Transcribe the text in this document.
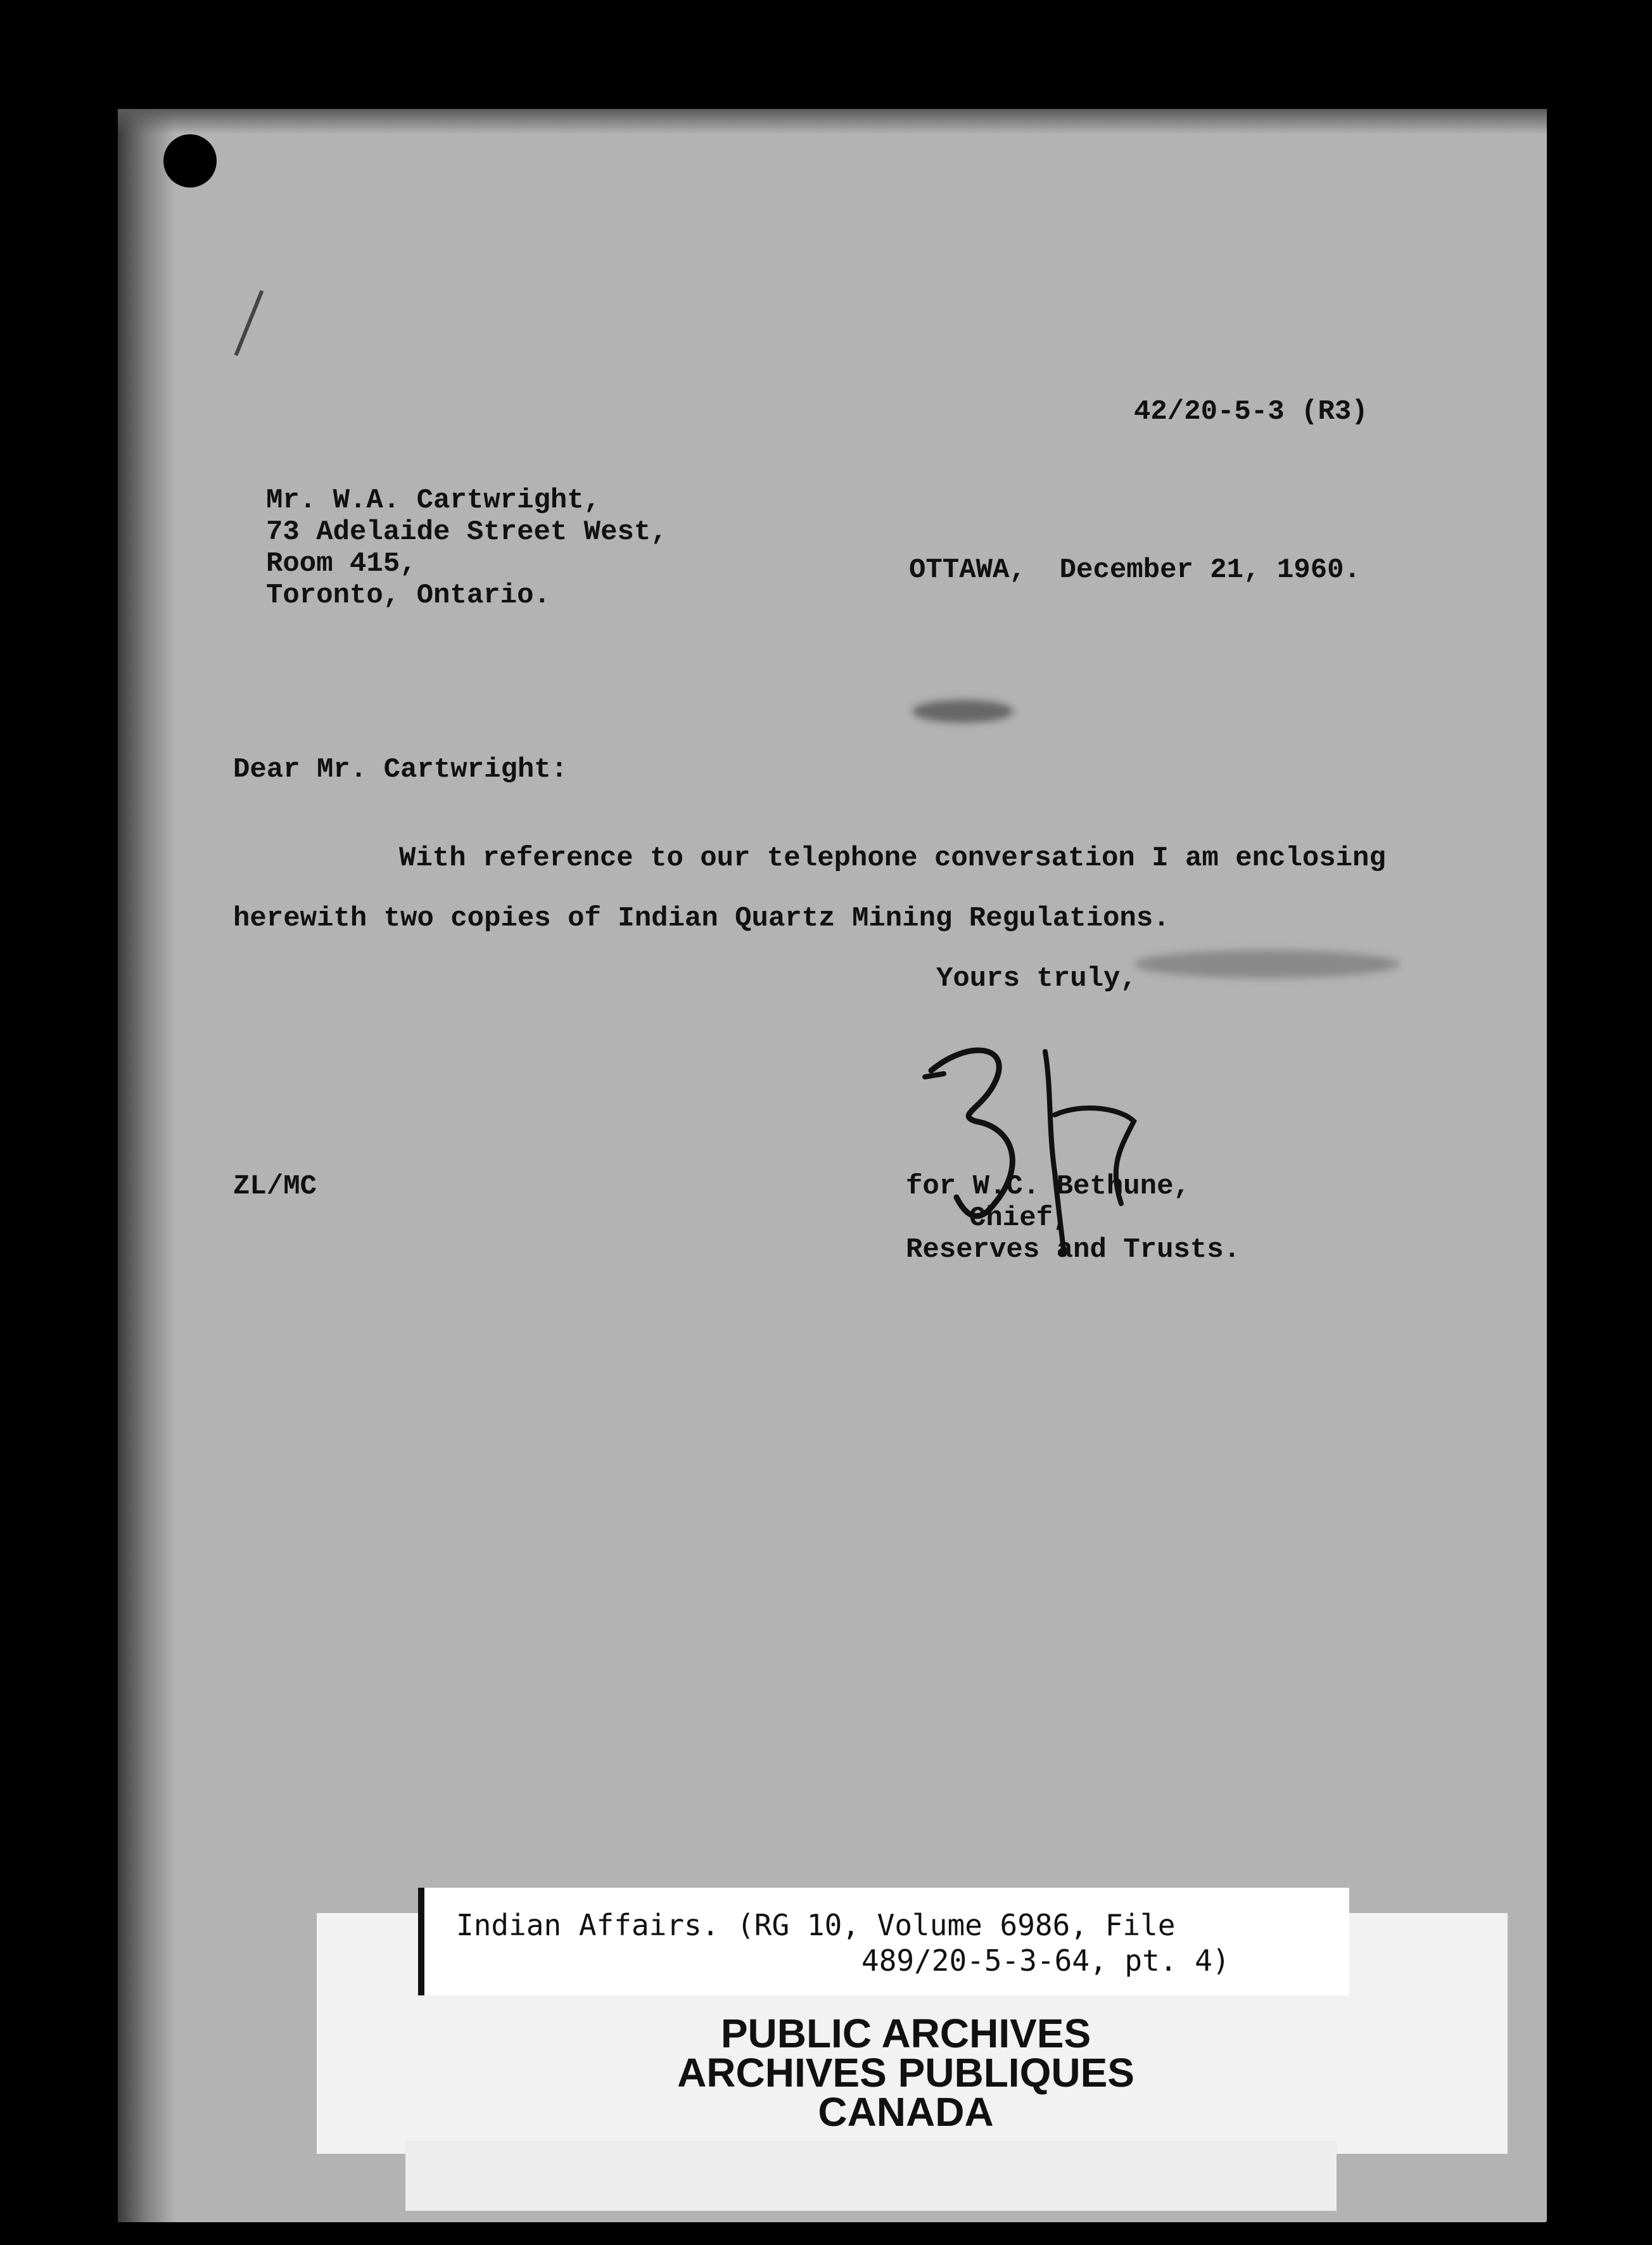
42/20-5-3 (R3)
Mr. W.A. Cartwright,
73 Adelaide Street West,
Room 415,
Toronto, Ontario.
OTTAWA,  December 21, 1960.
Dear Mr. Cartwright:
With reference to our telephone conversation I am enclosing
herewith two copies of Indian Quartz Mining Regulations.
Yours truly,
ZL/MC	for W.C. Bethune,
Chief,
Reserves and Trusts.
Indian Affairs. (RG 10, Volume 6986, File
489/20-5-3-64, pt. 4)
PUBLIC ARCHIVES
ARCHIVES PUBLIQUES
CANADA
